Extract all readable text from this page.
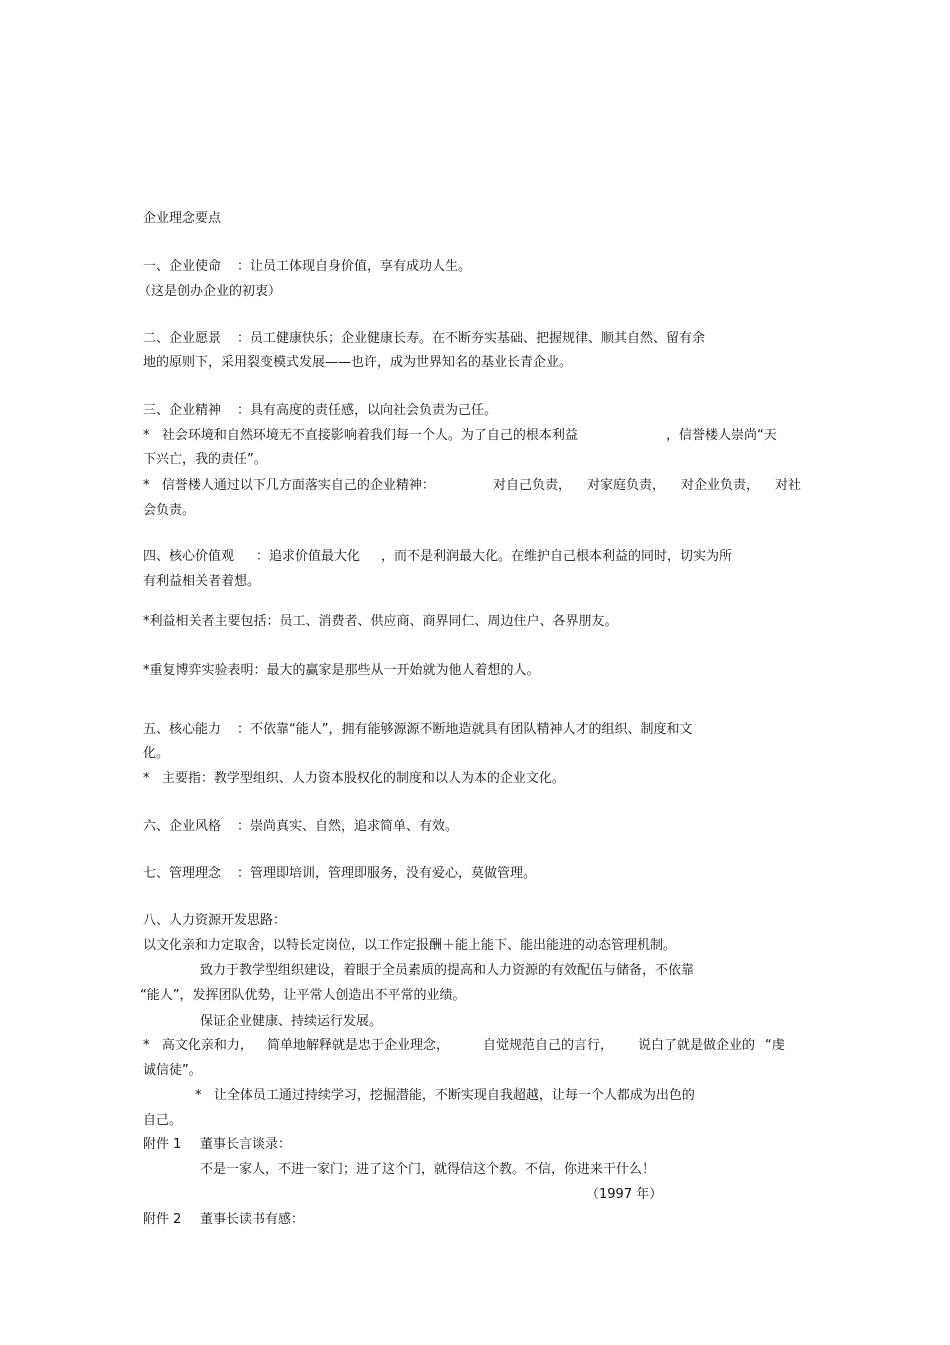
企业理念要点
一、企业使命 ：让员工体现自身价值，享有成功人生。
（这是创办企业的初衷）
二、企业愿景 ：员工健康快乐；企业健康长寿。在不断夯实基础、把握规律、顺其自然、留有余
地的原则下，采用裂变模式发展——也许，成为世界知名的基业长青企业。
三、企业精神 ：具有高度的责任感，以向社会负责为己任。
*   社会环境和自然环境无不直接影响着我们每一个人。为了自己的根本利益	，信誉楼人崇尚“天
下兴亡，我的责任”。
*   信誉楼人通过以下几方面落实自己的企业精神：	对自己负责， 对家庭负责， 对企业负责， 对社
会负责。
四、核心价值观 ：追求价值最大化 ，而不是利润最大化。在维护自己根本利益的同时，切实为所
有利益相关者着想。
*利益相关者主要包括：员工、消费者、供应商、商界同仁、周边住户、各界朋友。
*重复博弈实验表明：最大的赢家是那些从一开始就为他人着想的人。
五、核心能力 ：不依靠“能人”，拥有能够源源不断地造就具有团队精神人才的组织、制度和文
化。
*   主要指：教学型组织、人力资本股权化的制度和以人为本的企业文化。
六、企业风格 ：崇尚真实、自然，追求简单、有效。
七、管理理念 ：管理即培训，管理即服务，没有爱心，莫做管理。
八、人力资源开发思路：
以文化亲和力定取舍，以特长定岗位，以工作定报酬＋能上能下、能出能进的动态管理机制。
致力于教学型组织建设，着眼于全员素质的提高和人力资源的有效配伍与储备，不依靠
“能人”，发挥团队优势，让平常人创造出不平常的业绩。
保证企业健康、持续运行发展。
*   高文化亲和力， 简单地解释就是忠于企业理念，	自觉规范自己的言行， 说白了就是做企业的 “虔
诚信徒”。
*   让全体员工通过持续学习，挖掘潜能，不断实现自我超越，让每一个人都成为出色的
自己。
附件 1 董事长言谈录：
不是一家人，不进一家门；进了这个门，就得信这个教。不信，你进来干什么！
（1997 年）
附件 2 董事长读书有感：
